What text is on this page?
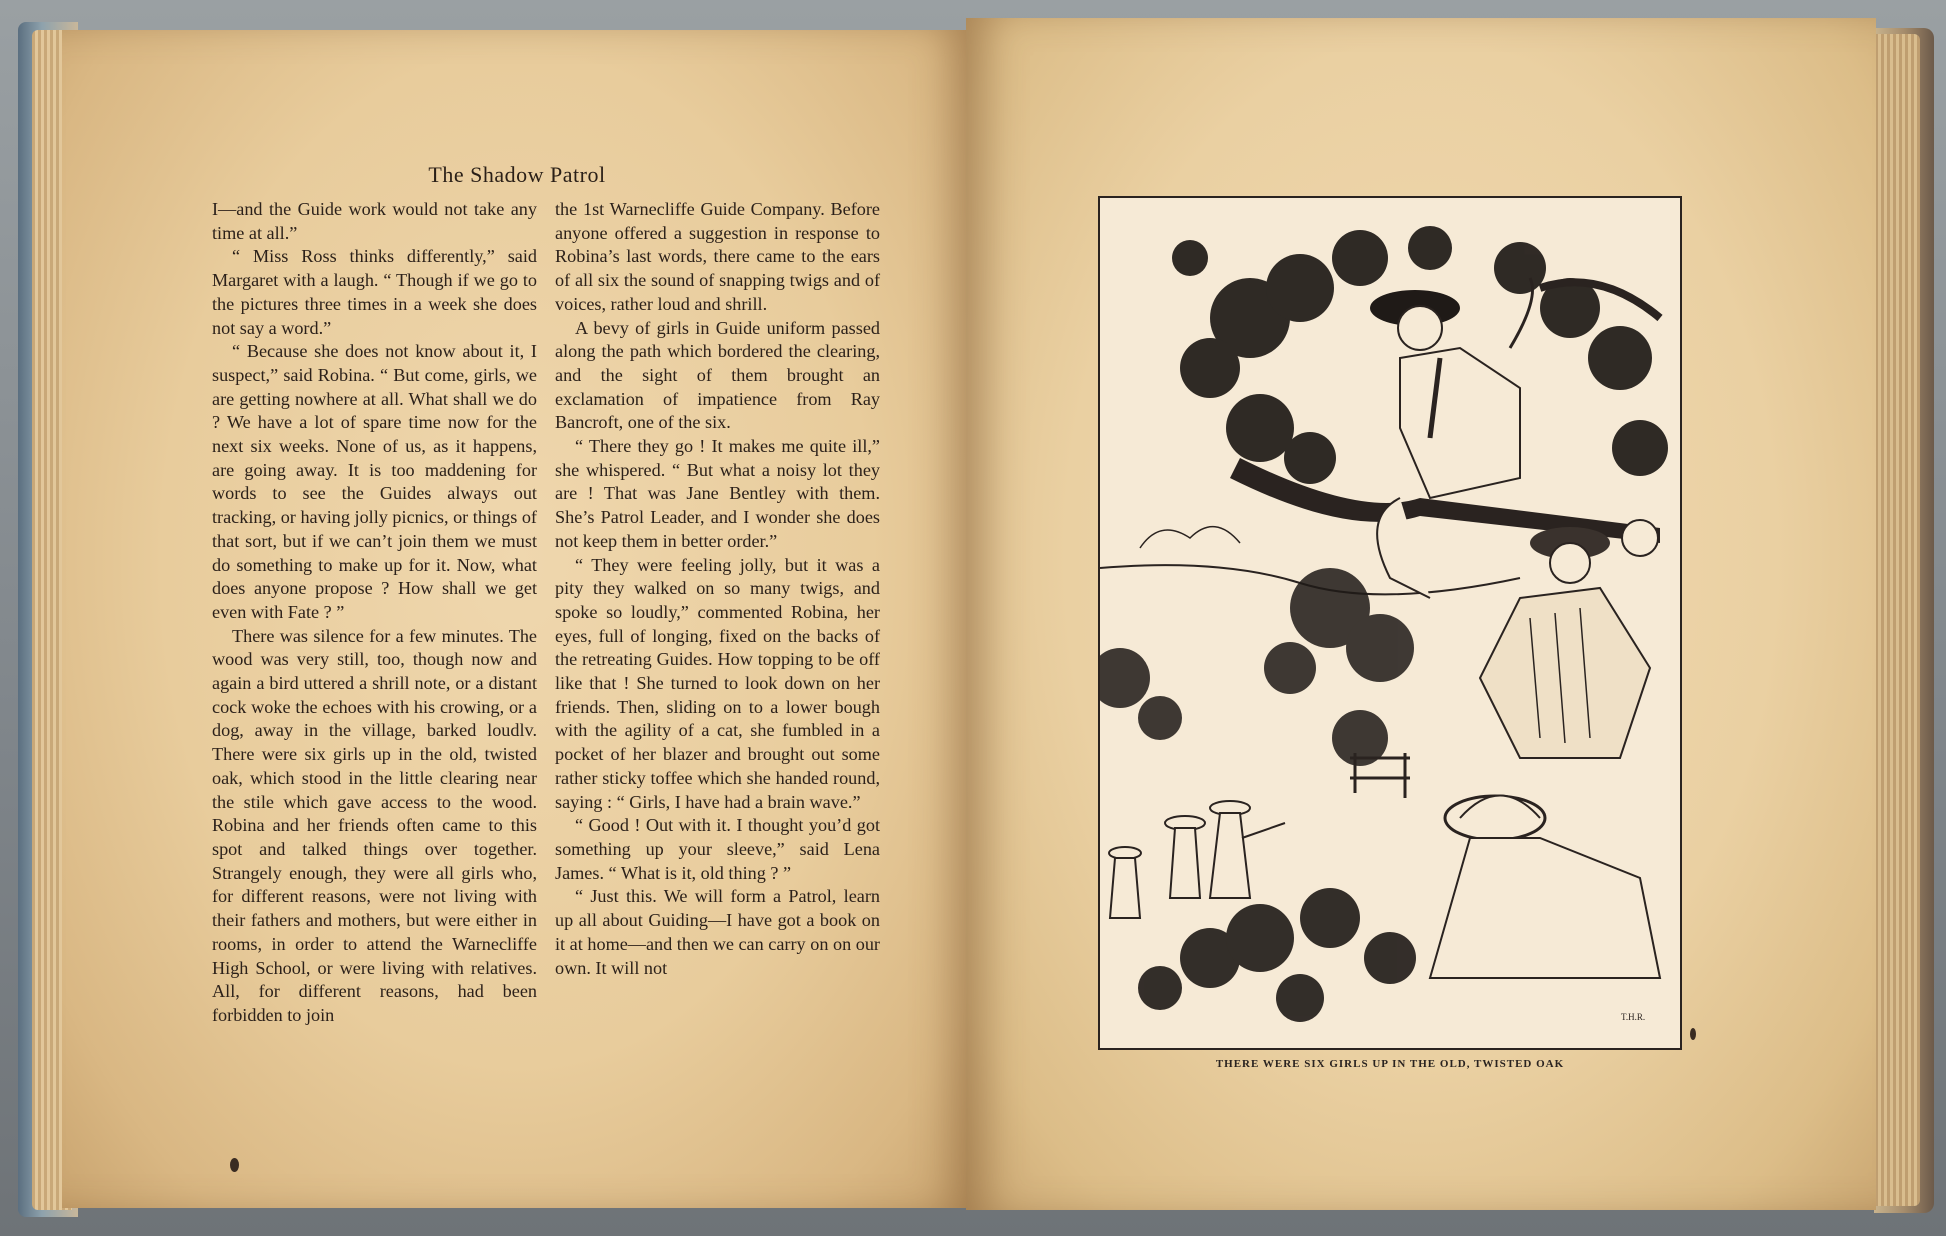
The Shadow Patrol

I—and the Guide work would not take any time at all.”

“ Miss Ross thinks differently,” said Margaret with a laugh. “ Though if we go to the pictures three times in a week she does not say a word.”

“ Because she does not know about it, I suspect,” said Robina. “ But come, girls, we are getting nowhere at all. What shall we do ? We have a lot of spare time now for the next six weeks. None of us, as it happens, are going away. It is too maddening for words to see the Guides always out tracking, or having jolly picnics, or things of that sort, but if we can’t join them we must do something to make up for it. Now, what does anyone propose ? How shall we get even with Fate ? ”

There was silence for a few minutes. The wood was very still, too, though now and again a bird uttered a shrill note, or a distant cock woke the echoes with his crowing, or a dog, away in the village, barked loudlv. There were six girls up in the old, twisted oak, which stood in the little clearing near the stile which gave access to the wood. Robina and her friends often came to this spot and talked things over together. Strangely enough, they were all girls who, for different reasons, were not living with their fathers and mothers, but were either in rooms, in order to attend the Warnecliffe High School, or were living with relatives. All, for different reasons, had been forbidden to join

the 1st Warnecliffe Guide Company. Before anyone offered a suggestion in response to Robina’s last words, there came to the ears of all six the sound of snapping twigs and of voices, rather loud and shrill.

A bevy of girls in Guide uniform passed along the path which bordered the clearing, and the sight of them brought an exclamation of impatience from Ray Bancroft, one of the six.

“ There they go ! It makes me quite ill,” she whispered. “ But what a noisy lot they are ! That was Jane Bentley with them. She’s Patrol Leader, and I wonder she does not keep them in better order.”

“ They were feeling jolly, but it was a pity they walked on so many twigs, and spoke so loudly,” commented Robina, her eyes, full of longing, fixed on the backs of the retreating Guides. How topping to be off like that ! She turned to look down on her friends. Then, sliding on to a lower bough with the agility of a cat, she fumbled in a pocket of her blazer and brought out some rather sticky toffee which she handed round, saying : “ Girls, I have had a brain wave.”

“ Good ! Out with it. I thought you’d got something up your sleeve,” said Lena James. “ What is it, old thing ? ”

“ Just this. We will form a Patrol, learn up all about Guiding—I have got a book on it at home—and then we can carry on on our own. It will not

T.H.R.
THERE WERE SIX GIRLS UP IN THE OLD, TWISTED OAK
